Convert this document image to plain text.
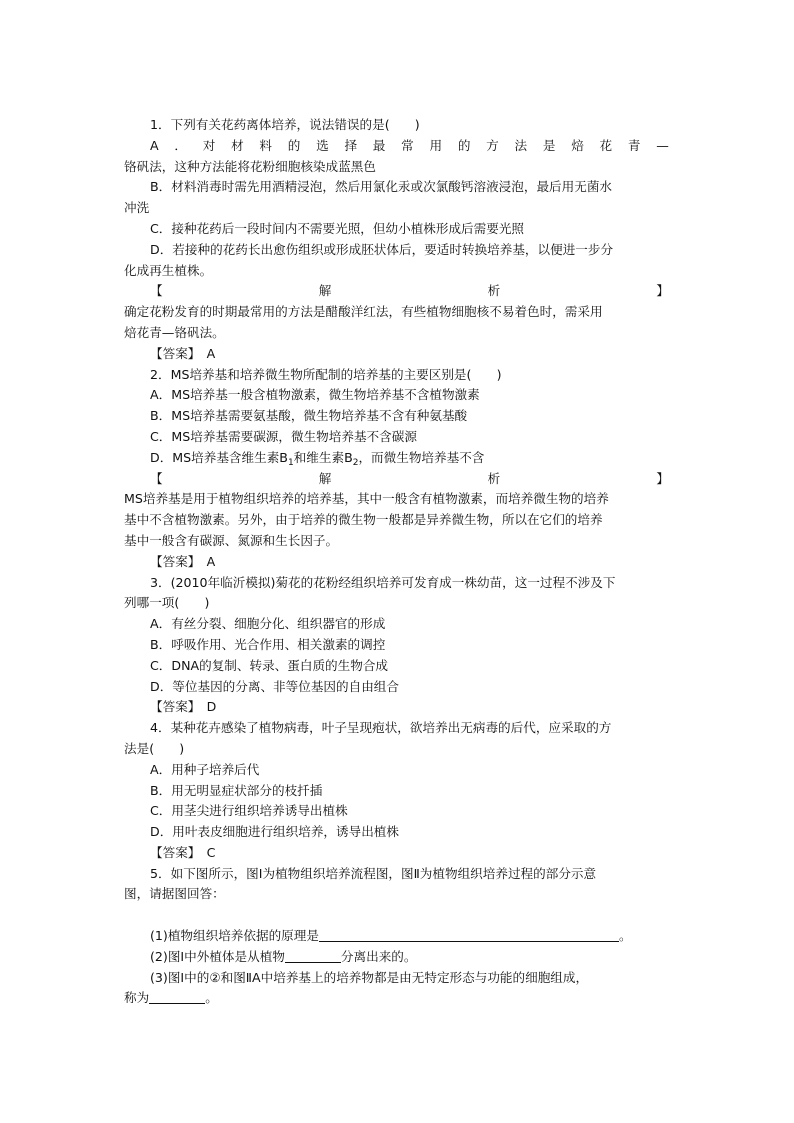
1．下列有关花药离体培养，说法错误的是(　　)
A ． 对 材 料 的 选 择 最 常 用 的 方 法 是 焙 花 青 —
铬矾法，这种方法能将花粉细胞核染成蓝黑色
B．材料消毒时需先用酒精浸泡，然后用氯化汞或次氯酸钙溶液浸泡，最后用无菌水
冲洗
C．接种花药后一段时间内不需要光照，但幼小植株形成后需要光照
D．若接种的花药长出愈伤组织或形成胚状体后，要适时转换培养基，以便进一步分
化成再生植株。
【	解	析	】
确定花粉发育的时期最常用的方法是醋酸洋红法，有些植物细胞核不易着色时，需采用
焙花青—铬矾法。
【答案】　A
2．MS培养基和培养微生物所配制的培养基的主要区别是(　　)
A．MS培养基一般含植物激素，微生物培养基不含植物激素
B．MS培养基需要氨基酸，微生物培养基不含有种氨基酸
C．MS培养基需要碳源，微生物培养基不含碳源
D．MS培养基含维生素$B_1$和维生素$B_2$，而微生物培养基不含
【	解	析	】
MS培养基是用于植物组织培养的培养基，其中一般含有植物激素，而培养微生物的培养
基中不含植物激素。另外，由于培养的微生物一般都是异养微生物，所以在它们的培养
基中一般含有碳源、氮源和生长因子。
【答案】　A
3．(2010年临沂模拟)菊花的花粉经组织培养可发育成一株幼苗，这一过程不涉及下
列哪一项(　　)
A．有丝分裂、细胞分化、组织器官的形成
B．呼吸作用、光合作用、相关激素的调控
C．DNA的复制、转录、蛋白质的生物合成
D．等位基因的分离、非等位基因的自由组合
【答案】　D
4．某种花卉感染了植物病毒，叶子呈现疱状，欲培养出无病毒的后代，应采取的方
法是(　　)
A．用种子培养后代
B．用无明显症状部分的枝扦插
C．用茎尖进行组织培养诱导出植株
D．用叶表皮细胞进行组织培养，诱导出植株
【答案】　C
5．如下图所示，图Ⅰ为植物组织培养流程图，图Ⅱ为植物组织培养过程的部分示意
图，请据图回答：
(1)植物组织培养依据的原理是	。
(2)图Ⅰ中外植体是从植物	分离出来的。
(3)图Ⅰ中的②和图ⅡA中培养基上的培养物都是由无特定形态与功能的细胞组成，
称为	。
